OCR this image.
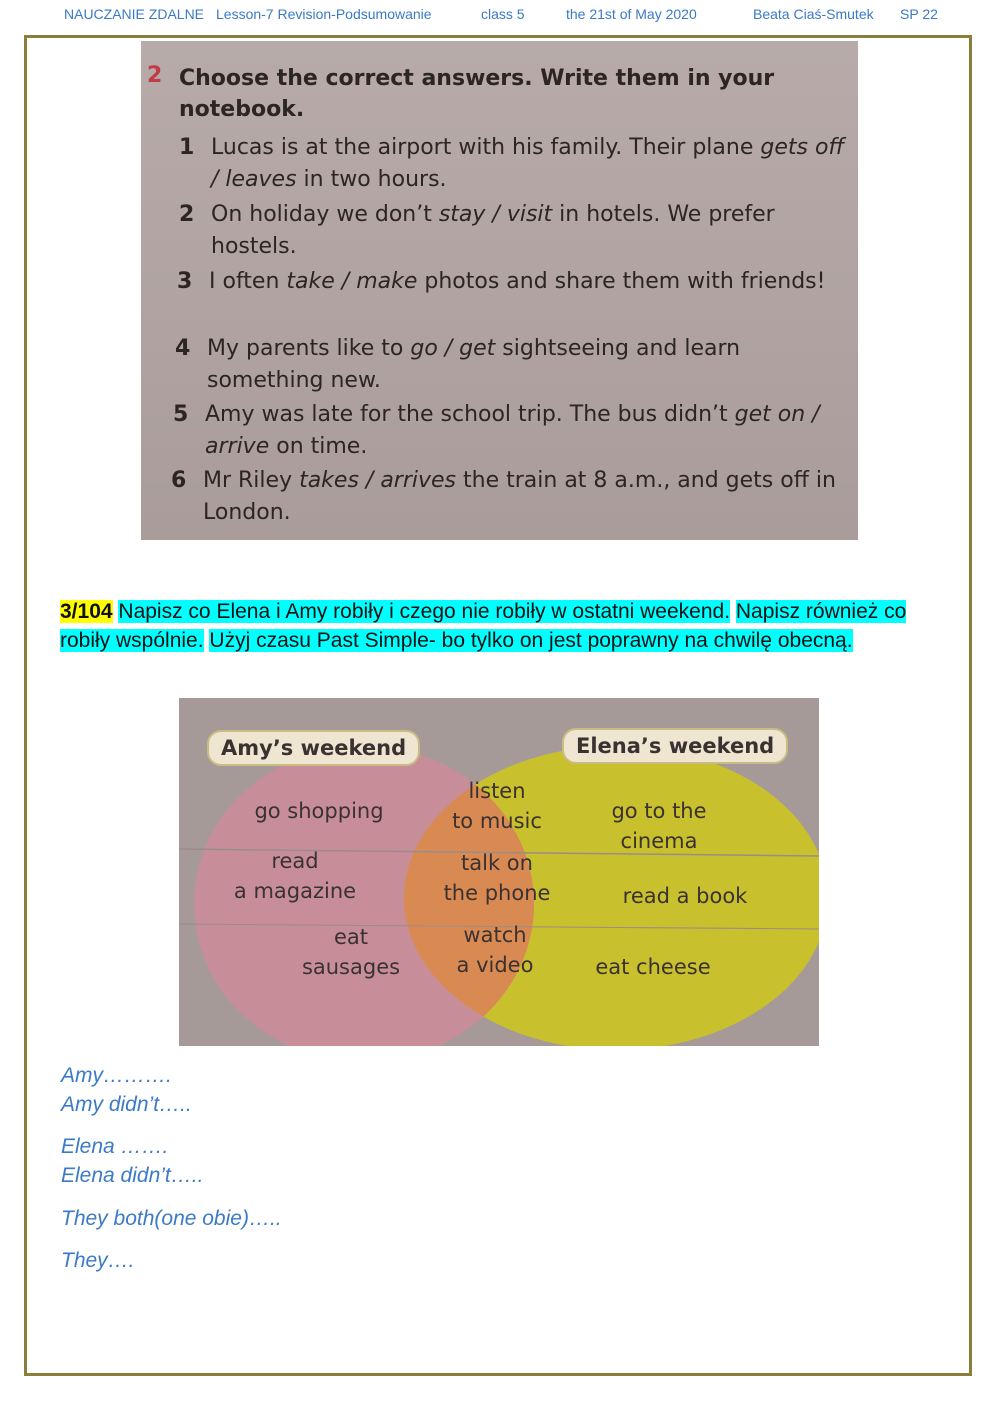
NAUCZANIE ZDALNE Lesson-7 Revision-Podsumowanie	class 5	the 21st of May 2020	Beata Ciaś-Smutek SP 22
2 Choose the correct answers. Write them in your notebook.
1 Lucas is at the airport with his family. Their plane gets off / leaves in two hours.
2 On holiday we don’t stay / visit in hotels. We prefer hostels.
3 I often take / make photos and share them with friends!
4 My parents like to go / get sightseeing and learn something new.
5 Amy was late for the school trip. The bus didn’t get on / arrive on time.
6 Mr Riley takes / arrives the train at 8 a.m., and gets off in London.
3/104 Napisz co Elena i Amy robiły i czego nie robiły w ostatni weekend. Napisz również co robiły wspólnie. Użyj czasu Past Simple- bo tylko on jest poprawny na chwilę obecną.
Amy’s weekend	Elena’s weekend
go shopping
read
a magazine
eat
sausages
listen
to music
talk on
the phone
watch
a video
go to the
cinema
read a book
eat cheese
Amy……….
Amy didn’t…..
Elena …….
Elena didn’t…..
They both(one obie)…..
They….
